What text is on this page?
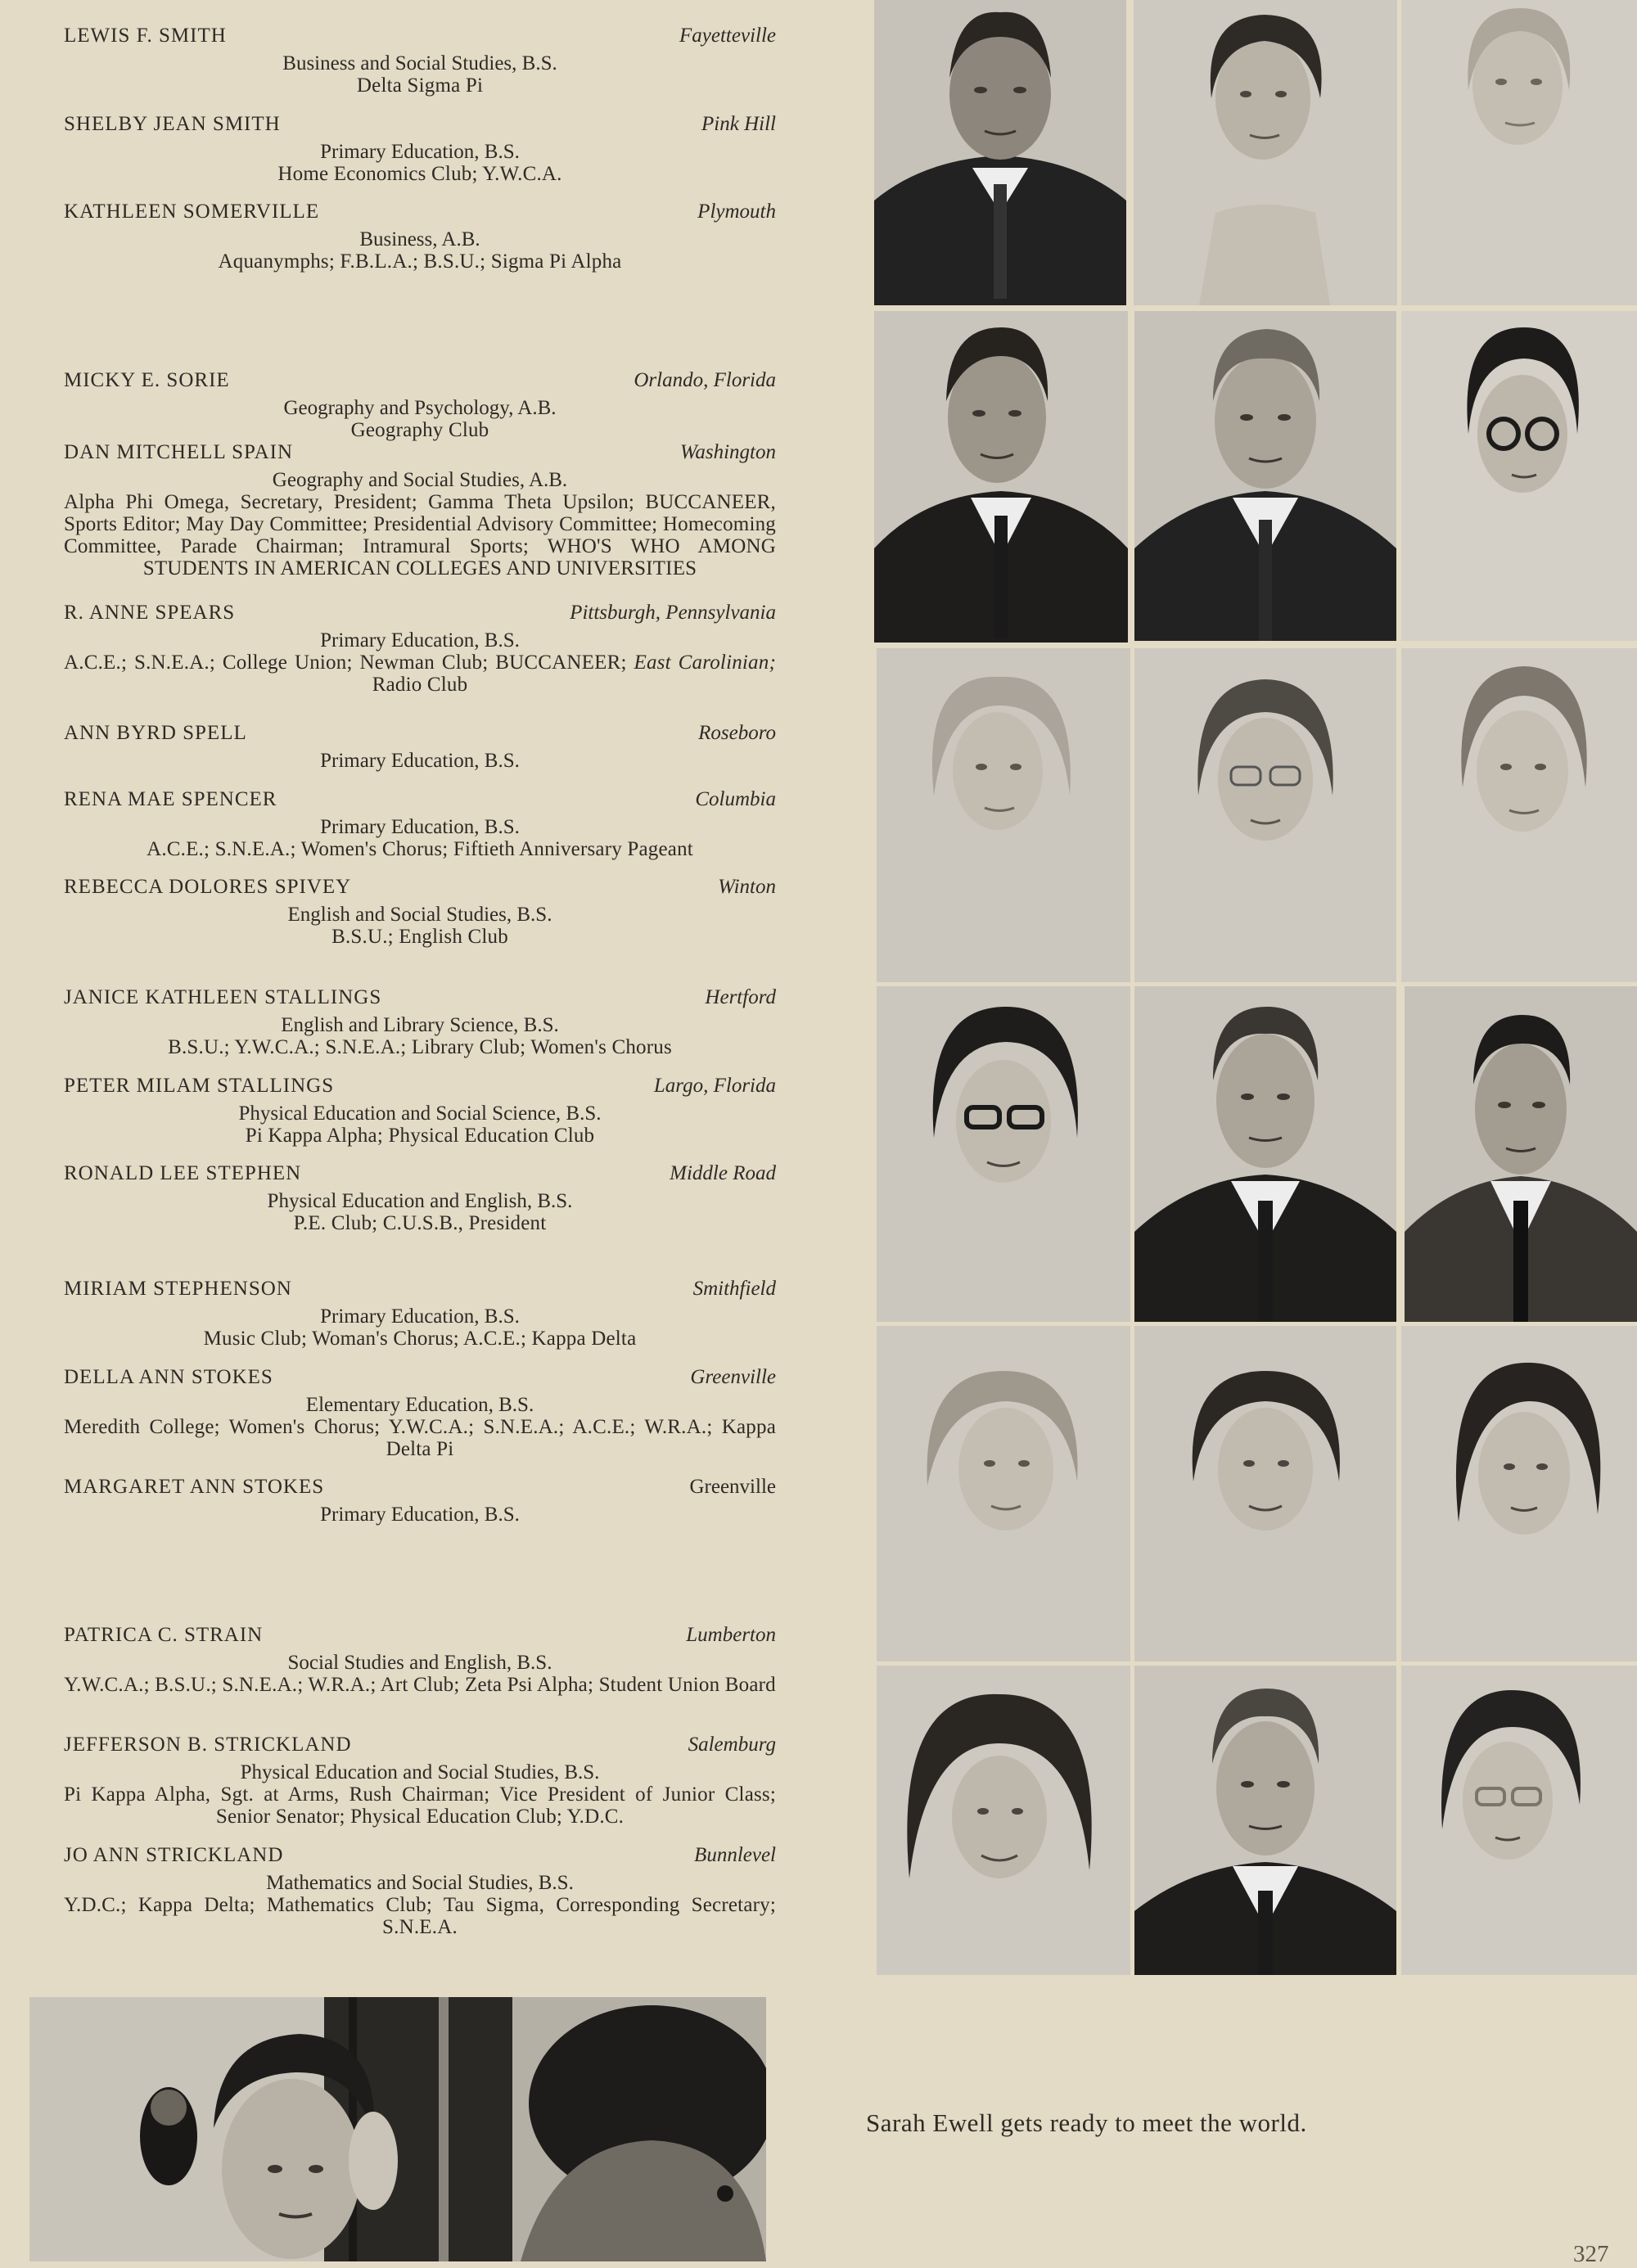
LEWIS F. SMITH	Fayetteville
Business and Social Studies, B.S.
Delta Sigma Pi
SHELBY JEAN SMITH	Pink Hill
Primary Education, B.S.
Home Economics Club; Y.W.C.A.
KATHLEEN SOMERVILLE	Plymouth
Business, A.B.
Aquanymphs; F.B.L.A.; B.S.U.; Sigma Pi Alpha
MICKY E. SORIE	Orlando, Florida
Geography and Psychology, A.B.
Geography Club
DAN MITCHELL SPAIN	Washington
Geography and Social Studies, A.B.
Alpha Phi Omega, Secretary, President; Gamma Theta Upsilon; BUCCANEER, Sports Editor; May Day Committee; Presidential Advisory Committee; Homecoming Committee, Parade Chairman; Intramural Sports; WHO'S WHO AMONG STUDENTS IN AMERICAN COLLEGES AND UNIVERSITIES
R. ANNE SPEARS	Pittsburgh, Pennsylvania
Primary Education, B.S.
A.C.E.; S.N.E.A.; College Union; Newman Club; BUCCANEER; East Carolinian; Radio Club
ANN BYRD SPELL	Roseboro
Primary Education, B.S.
RENA MAE SPENCER	Columbia
Primary Education, B.S.
A.C.E.; S.N.E.A.; Women's Chorus; Fiftieth Anniversary Pageant
REBECCA DOLORES SPIVEY	Winton
English and Social Studies, B.S.
B.S.U.; English Club
JANICE KATHLEEN STALLINGS	Hertford
English and Library Science, B.S.
B.S.U.; Y.W.C.A.; S.N.E.A.; Library Club; Women's Chorus
PETER MILAM STALLINGS	Largo, Florida
Physical Education and Social Science, B.S.
Pi Kappa Alpha; Physical Education Club
RONALD LEE STEPHEN	Middle Road
Physical Education and English, B.S.
P.E. Club; C.U.S.B., President
MIRIAM STEPHENSON	Smithfield
Primary Education, B.S.
Music Club; Woman's Chorus; A.C.E.; Kappa Delta
DELLA ANN STOKES	Greenville
Elementary Education, B.S.
Meredith College; Women's Chorus; Y.W.C.A.; S.N.E.A.; A.C.E.; W.R.A.; Kappa Delta Pi
MARGARET ANN STOKES	Greenville
Primary Education, B.S.
PATRICA C. STRAIN	Lumberton
Social Studies and English, B.S.
Y.W.C.A.; B.S.U.; S.N.E.A.; W.R.A.; Art Club; Zeta Psi Alpha; Student Union Board
JEFFERSON B. STRICKLAND	Salemburg
Physical Education and Social Studies, B.S.
Pi Kappa Alpha, Sgt. at Arms, Rush Chairman; Vice President of Junior Class; Senior Senator; Physical Education Club; Y.D.C.
JO ANN STRICKLAND	Bunnlevel
Mathematics and Social Studies, B.S.
Y.D.C.; Kappa Delta; Mathematics Club; Tau Sigma, Corresponding Secretary; S.N.E.A.
Sarah Ewell gets ready to meet the world.
327
